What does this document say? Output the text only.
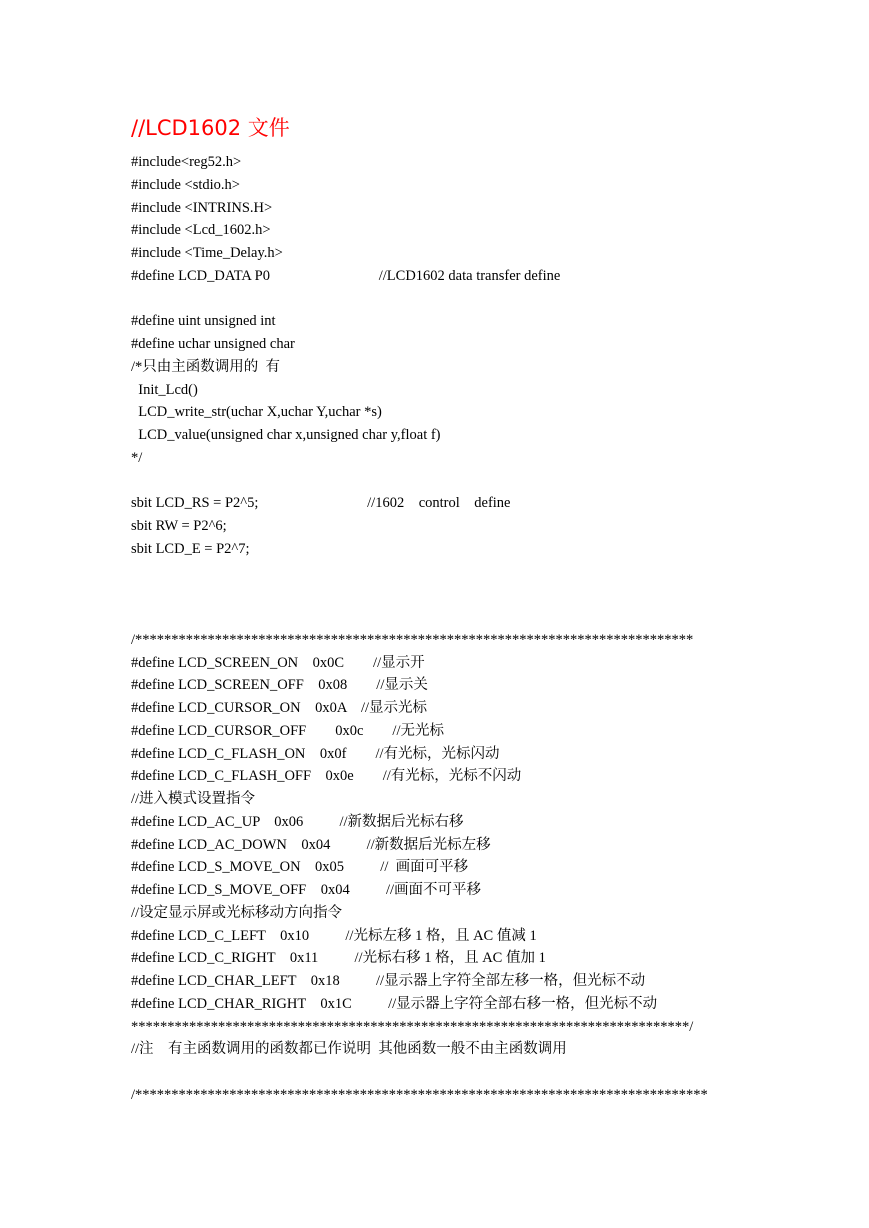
//LCD1602 文件
#include<reg52.h>
#include <stdio.h>
#include <INTRINS.H>
#include <Lcd_1602.h>
#include <Time_Delay.h>
#define LCD_DATA P0                              //LCD1602 data transfer define
#define uint unsigned int
#define uchar unsigned char
/*只由主函数调用的  有
Init_Lcd()
LCD_write_str(uchar X,uchar Y,uchar *s)
LCD_value(unsigned char x,unsigned char y,float f)
*/
sbit LCD_RS = P2^5;                              //1602    control    define
sbit RW = P2^6;
sbit LCD_E = P2^7;
/*****************************************************************************
#define LCD_SCREEN_ON    0x0C        //显示开
#define LCD_SCREEN_OFF    0x08        //显示关
#define LCD_CURSOR_ON    0x0A    //显示光标
#define LCD_CURSOR_OFF        0x0c        //无光标
#define LCD_C_FLASH_ON    0x0f        //有光标，光标闪动
#define LCD_C_FLASH_OFF    0x0e        //有光标，光标不闪动
//进入模式设置指令
#define LCD_AC_UP    0x06          //新数据后光标右移
#define LCD_AC_DOWN    0x04          //新数据后光标左移
#define LCD_S_MOVE_ON    0x05          //  画面可平移
#define LCD_S_MOVE_OFF    0x04          //画面不可平移
//设定显示屏或光标移动方向指令
#define LCD_C_LEFT    0x10          //光标左移 1 格，且 AC 值减 1
#define LCD_C_RIGHT    0x11          //光标右移 1 格，且 AC 值加 1
#define LCD_CHAR_LEFT    0x18          //显示器上字符全部左移一格，但光标不动
#define LCD_CHAR_RIGHT    0x1C          //显示器上字符全部右移一格，但光标不动
*****************************************************************************/
//注    有主函数调用的函数都已作说明  其他函数一般不由主函数调用
/*******************************************************************************
